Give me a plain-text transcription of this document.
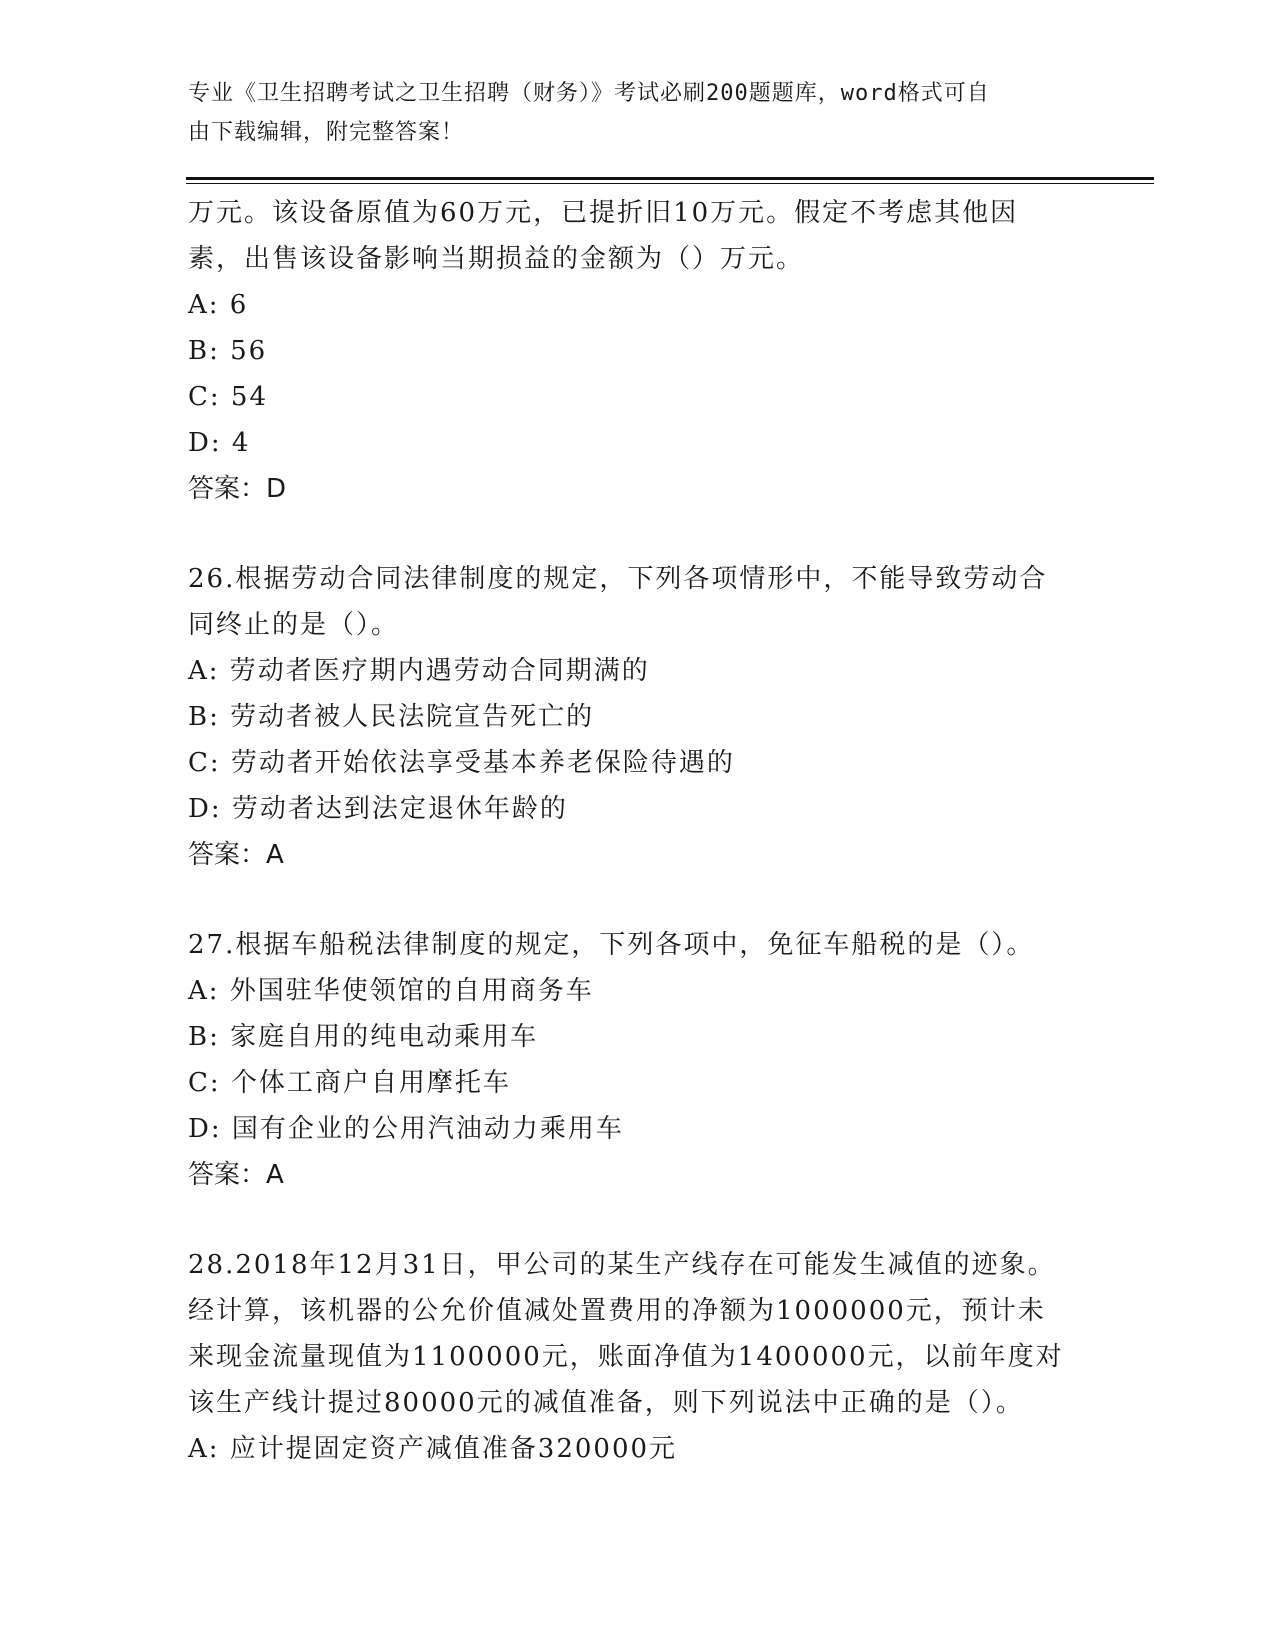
专业《卫生招聘考试之卫生招聘（财务）》考试必刷200题题库，word格式可自
由下载编辑，附完整答案！
万元。该设备原值为60万元，已提折旧10万元。假定不考虑其他因
素，出售该设备影响当期损益的金额为（）万元。
A: 6
B: 56
C: 54
D: 4
答案：D
26.根据劳动合同法律制度的规定，下列各项情形中，不能导致劳动合
同终止的是（）。
A: 劳动者医疗期内遇劳动合同期满的
B: 劳动者被人民法院宣告死亡的
C: 劳动者开始依法享受基本养老保险待遇的
D: 劳动者达到法定退休年龄的
答案：A
27.根据车船税法律制度的规定，下列各项中，免征车船税的是（）。
A: 外国驻华使领馆的自用商务车
B: 家庭自用的纯电动乘用车
C: 个体工商户自用摩托车
D: 国有企业的公用汽油动力乘用车
答案：A
28.2018年12月31日，甲公司的某生产线存在可能发生减值的迹象。
经计算，该机器的公允价值减处置费用的净额为1000000元，预计未
来现金流量现值为1100000元，账面净值为1400000元，以前年度对
该生产线计提过80000元的减值准备，则下列说法中正确的是（）。
A: 应计提固定资产减值准备320000元
